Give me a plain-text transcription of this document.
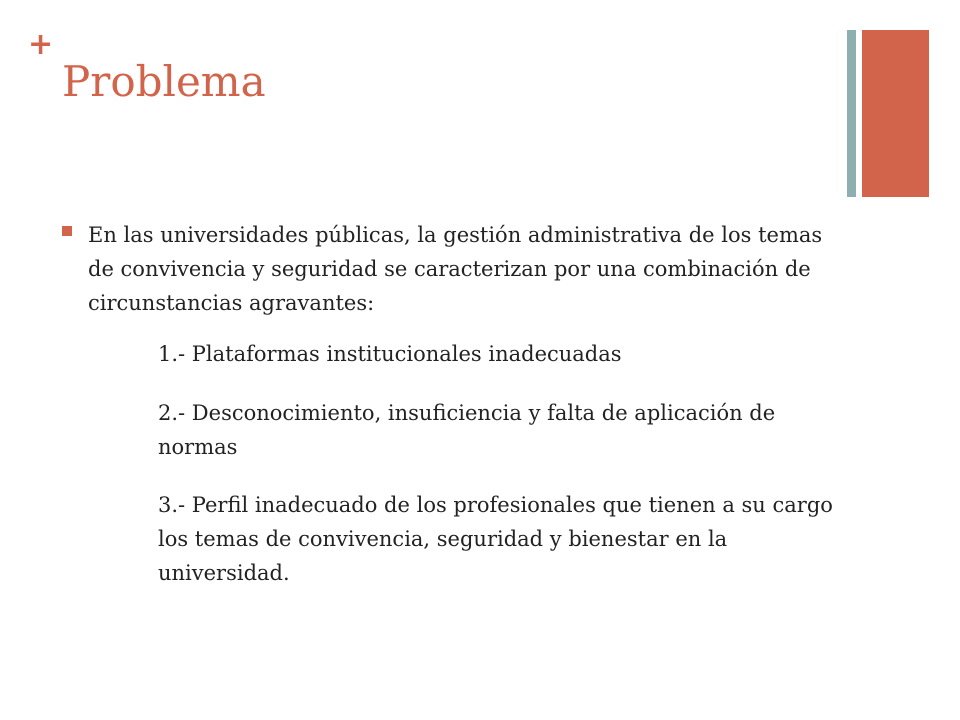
+
Problema

En las universidades públicas, la gestión administrativa de los temas de convivencia y seguridad se caracterizan por una combinación de circunstancias agravantes:

1.- Plataformas institucionales inadecuadas

2.- Desconocimiento, insuficiencia y falta de aplicación de normas

3.- Perfil inadecuado de los profesionales que tienen a su cargo los temas de convivencia, seguridad y bienestar en la universidad.
